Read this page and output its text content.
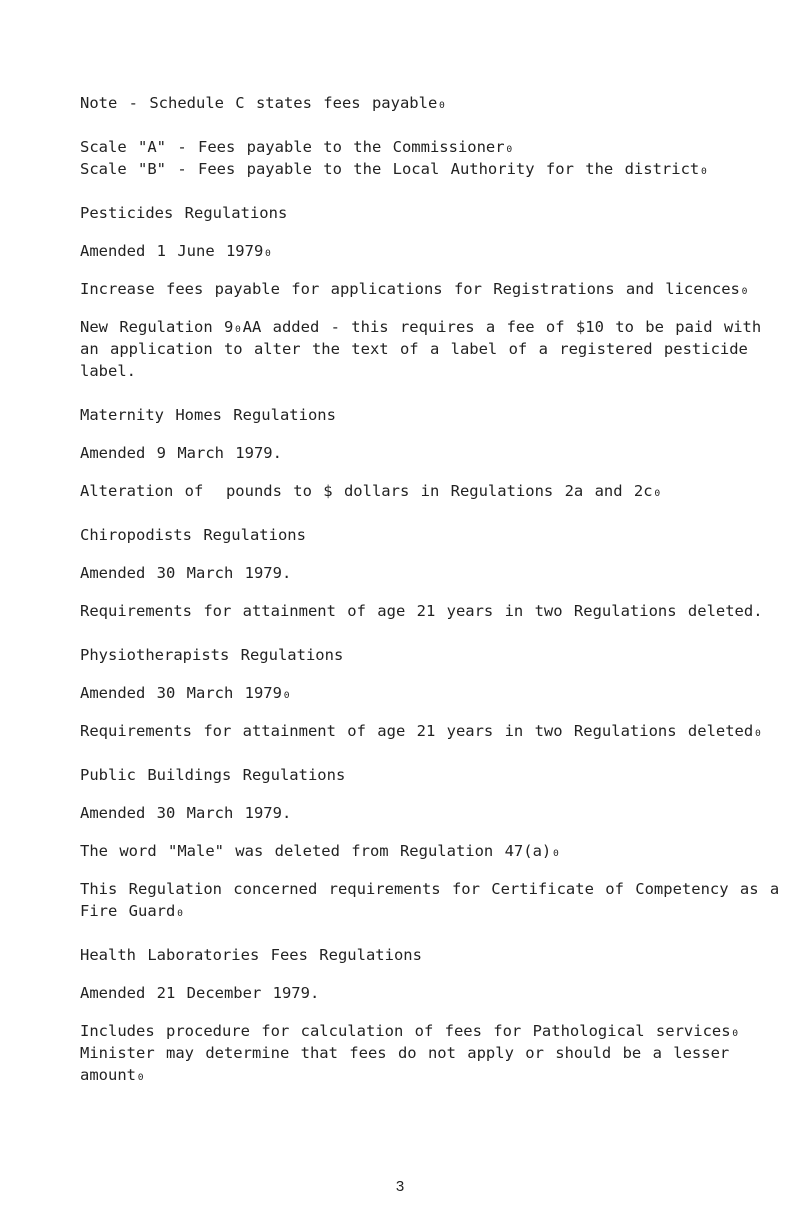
Note - Schedule C states fees payable₀

Scale "A" - Fees payable to the Commissioner₀

Scale "B" - Fees payable to the Local Authority for the district₀

Pesticides Regulations

Amended 1 June 1979₀

Increase fees payable for applications for Registrations and licences₀

New Regulation 9₀AA added - this requires a fee of $10 to be paid with an application to alter the text of a label of a registered pesticide label.

Maternity Homes Regulations

Amended 9 March 1979.

Alteration of  pounds to $ dollars in Regulations 2a and 2c₀

Chiropodists Regulations

Amended 30 March 1979.

Requirements for attainment of age 21 years in two Regulations deleted.

Physiotherapists Regulations

Amended 30 March 1979₀

Requirements for attainment of age 21 years in two Regulations deleted₀

Public Buildings Regulations

Amended 30 March 1979.

The word "Male" was deleted from Regulation 47(a)₀

This Regulation concerned requirements for Certificate of Competency as a Fire Guard₀

Health Laboratories Fees Regulations

Amended 21 December 1979.

Includes procedure for calculation of fees for Pathological services₀ Minister may determine that fees do not apply or should be a lesser amount₀

3
